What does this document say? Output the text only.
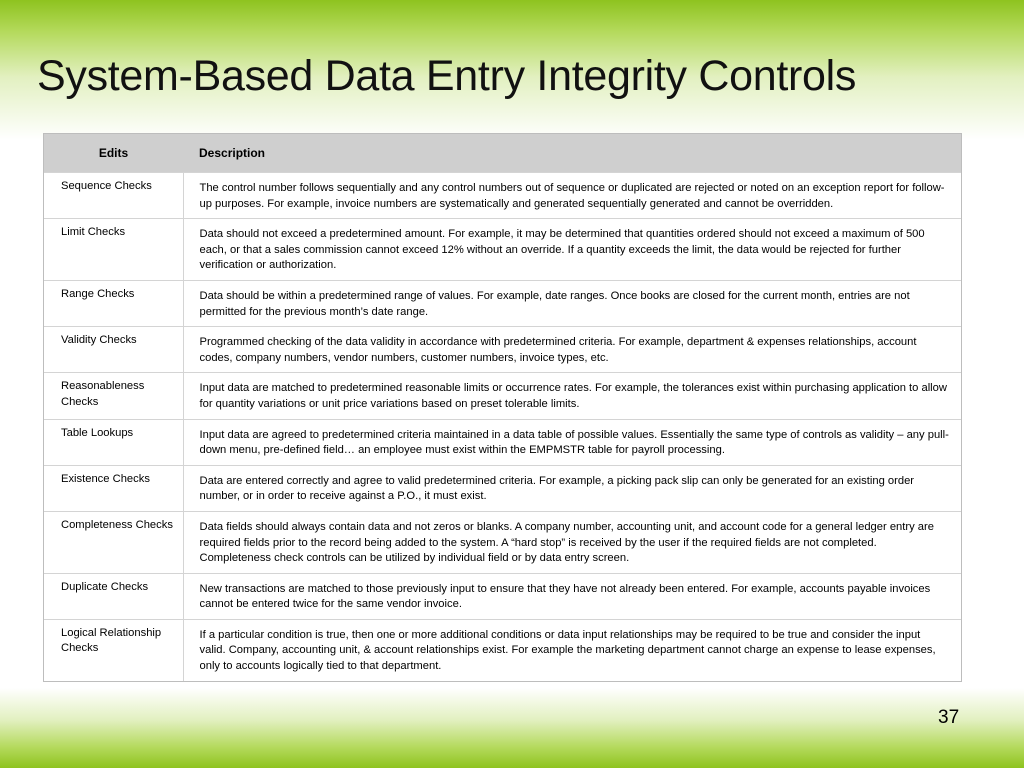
System-Based Data Entry Integrity Controls
Edits	Description
Sequence Checks	The control number follows sequentially and any control numbers out of sequence or duplicated are rejected or noted on an exception report for follow-up purposes. For example, invoice numbers are systematically and generated sequentially generated and cannot be overridden.
Limit Checks	Data should not exceed a predetermined amount. For example, it may be determined that quantities ordered should not exceed a maximum of 500 each, or that a sales commission cannot exceed 12% without an override. If a quantity exceeds the limit, the data would be rejected for further verification or authorization.
Range Checks	Data should be within a predetermined range of values. For example, date ranges. Once books are closed for the current month, entries are not permitted for the previous month’s date range.
Validity Checks	Programmed checking of the data validity in accordance with predetermined criteria. For example, department & expenses relationships, account codes, company numbers, vendor numbers, customer numbers, invoice types, etc.
Reasonableness Checks	Input data are matched to predetermined reasonable limits or occurrence rates. For example, the tolerances exist within purchasing application to allow for quantity variations or unit price variations based on preset tolerable limits.
Table Lookups	Input data are agreed to predetermined criteria maintained in a data table of possible values. Essentially the same type of controls as validity – any pull-down menu, pre-defined field… an employee must exist within the EMPMSTR table for payroll processing.
Existence Checks	Data are entered correctly and agree to valid predetermined criteria. For example, a picking pack slip can only be generated for an existing order number, or in order to receive against a P.O., it must exist.
Completeness Checks	Data fields should always contain data and not zeros or blanks. A company number, accounting unit, and account code for a general ledger entry are required fields prior to the record being added to the system. A “hard stop” is received by the user if the required fields are not completed. Completeness check controls can be utilized by individual field or by data entry screen.
Duplicate Checks	New transactions are matched to those previously input to ensure that they have not already been entered. For example, accounts payable invoices cannot be entered twice for the same vendor invoice.
Logical Relationship Checks	If a particular condition is true, then one or more additional conditions or data input relationships may be required to be true and consider the input valid. Company, accounting unit, & account relationships exist. For example the marketing department cannot charge an expense to lease expenses, only to accounts logically tied to that department.
37
